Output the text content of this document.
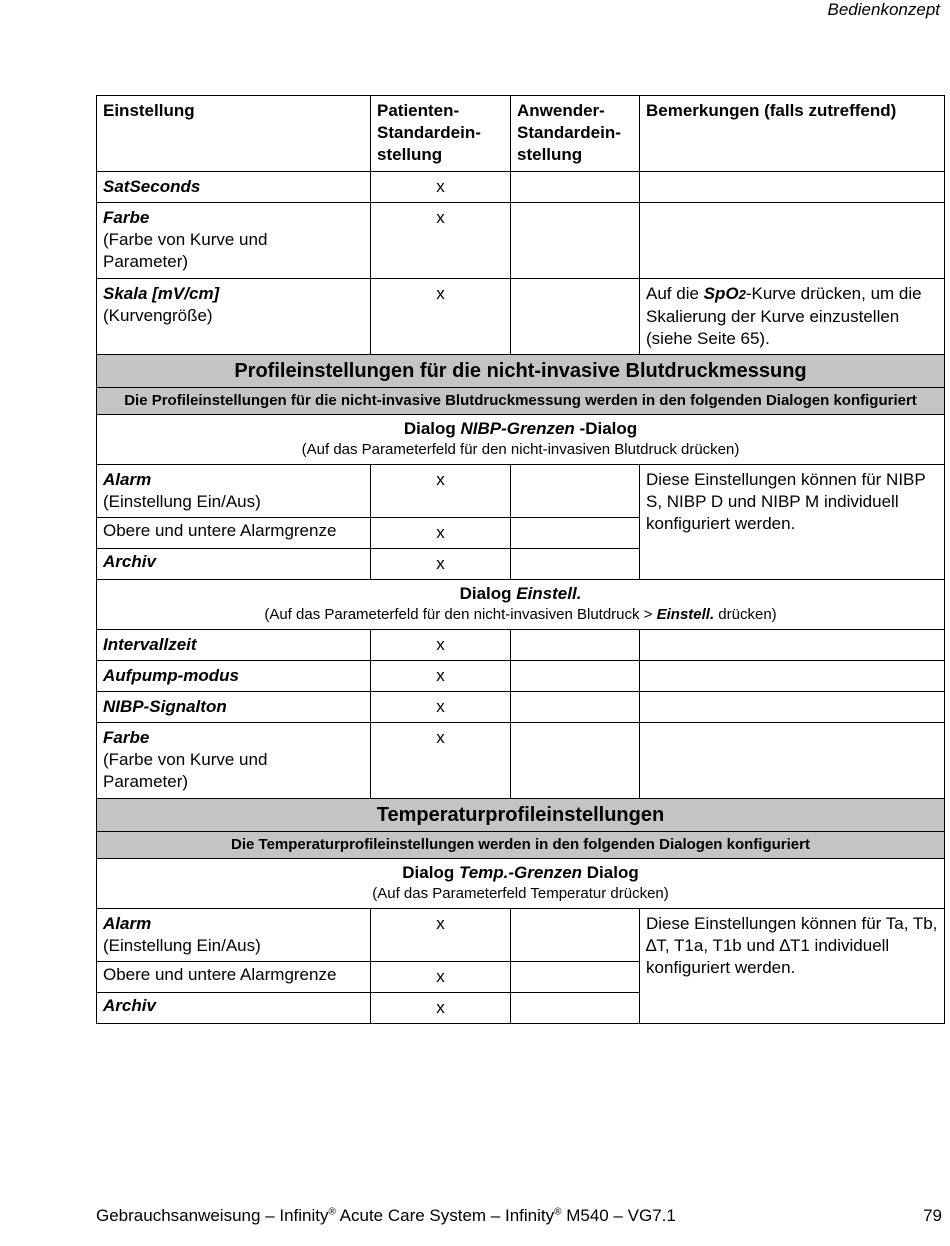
Bedienkonzept
Einstellung	Patienten-
Standardein-
stellung	Anwender-
Standardein-
stellung	Bemerkungen (falls zutreffend)
SatSeconds	x		
Farbe
(Farbe von Kurve und
Parameter)	x		
Skala [mV/cm]
(Kurvengröße)	x		Auf die SpO2-Kurve drücken, um die Skalierung der Kurve einzustellen (siehe Seite 65).
Profileinstellungen für die nicht-invasive Blutdruckmessung			
Die Profileinstellungen für die nicht-invasive Blutdruckmessung werden in den folgenden Dialogen konfiguriert			

Dialog NIBP-Grenzen -Dialog
(Auf das Parameterfeld für den nicht-invasiven Blutdruck drücken)			

Alarm
(Einstellung Ein/Aus)	x		Diese Einstellungen können für NIBP S, NIBP D und NIBP M individuell konfiguriert werden.
Obere und untere Alarmgrenze	x		
Archiv	x		

Dialog Einstell.
(Auf das Parameterfeld für den nicht-invasiven Blutdruck > Einstell. drücken)			

Intervallzeit	x		
Aufpump-modus	x		
NIBP-Signalton	x		
Farbe
(Farbe von Kurve und
Parameter)	x		
Temperaturprofileinstellungen			
Die Temperaturprofileinstellungen werden in den folgenden Dialogen konfiguriert			

Dialog Temp.-Grenzen Dialog
(Auf das Parameterfeld Temperatur drücken)			

Alarm
(Einstellung Ein/Aus)	x		Diese Einstellungen können für Ta, Tb, ∆T, T1a, T1b und ∆T1 individuell konfiguriert werden.
Obere und untere Alarmgrenze	x		
Archiv	x		
Gebrauchsanweisung – Infinity® Acute Care System – Infinity® M540 – VG7.1	79
